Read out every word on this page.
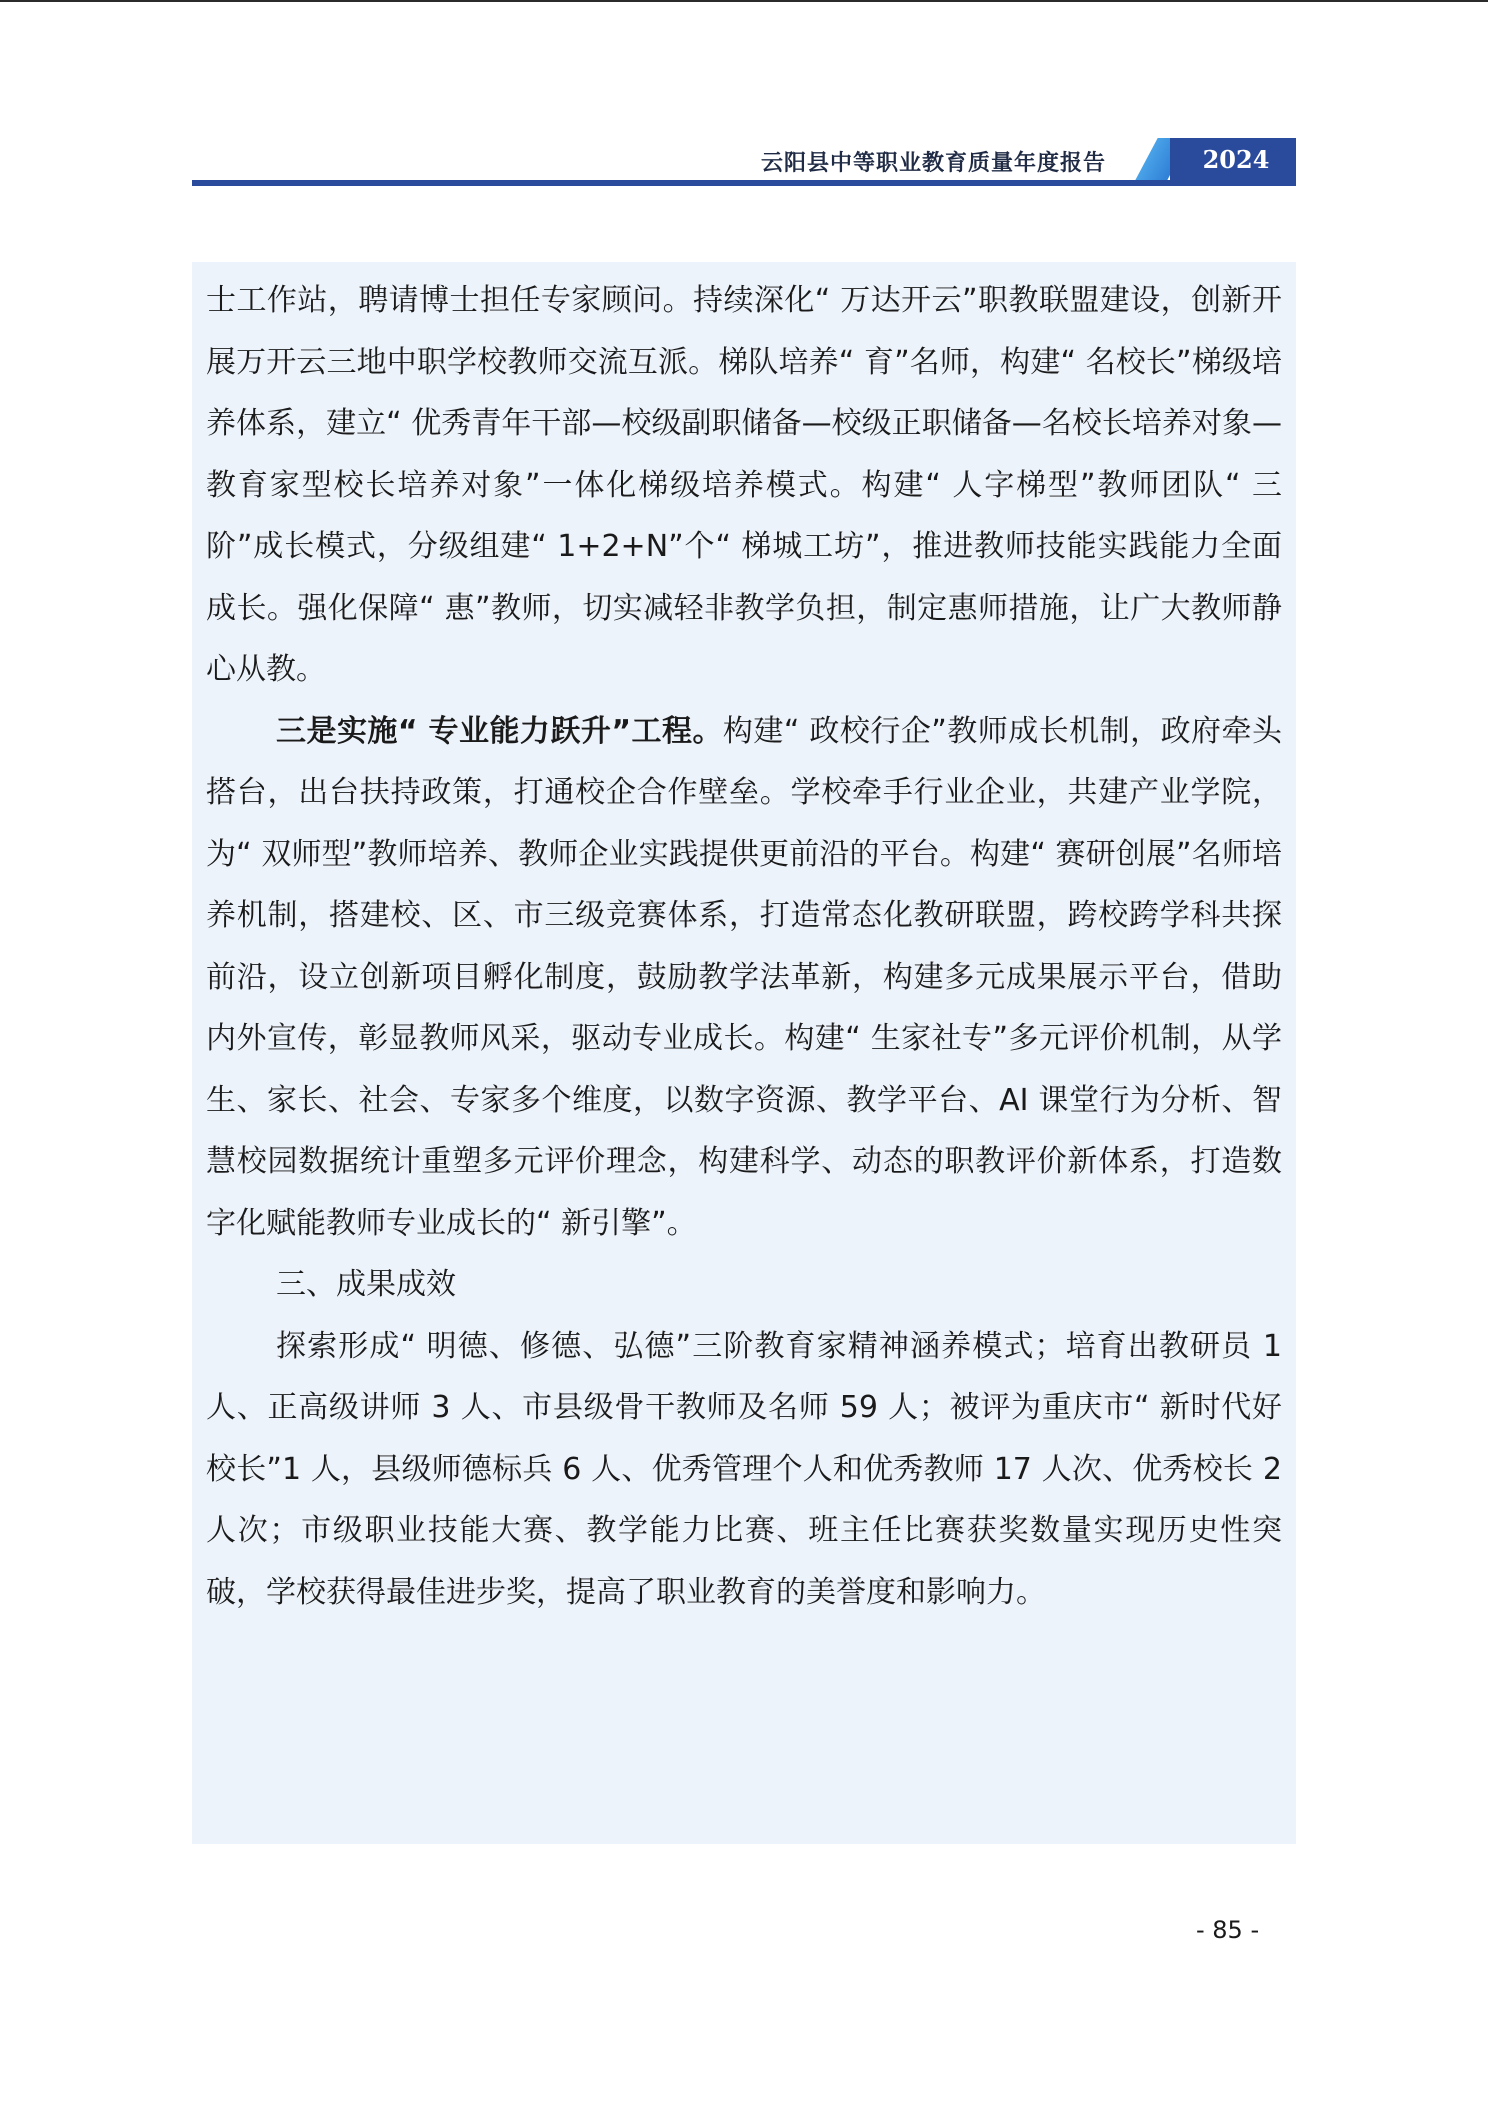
云阳县中等职业教育质量年度报告	2024

士工作站，聘请博士担任专家顾问。持续深化“ 万达开云”职教联盟建设，创新开展万开云三地中职学校教师交流互派。梯队培养“ 育”名师，构建“ 名校长”梯级培养体系，建立“ 优秀青年干部—校级副职储备—校级正职储备—名校长培养对象—教育家型校长培养对象”一体化梯级培养模式。构建“ 人字梯型”教师团队“ 三阶”成长模式，分级组建“ 1+2+N”个“ 梯城工坊”，推进教师技能实践能力全面成长。强化保障“ 惠”教师，切实减轻非教学负担，制定惠师措施，让广大教师静心从教。

三是实施“ 专业能力跃升”工程。构建“ 政校行企”教师成长机制，政府牵头搭台，出台扶持政策，打通校企合作壁垒。学校牵手行业企业，共建产业学院，为“ 双师型”教师培养、教师企业实践提供更前沿的平台。构建“ 赛研创展”名师培养机制，搭建校、区、市三级竞赛体系，打造常态化教研联盟，跨校跨学科共探前沿，设立创新项目孵化制度，鼓励教学法革新，构建多元成果展示平台，借助内外宣传，彰显教师风采，驱动专业成长。构建“ 生家社专”多元评价机制，从学生、家长、社会、专家多个维度，以数字资源、教学平台、AI 课堂行为分析、智慧校园数据统计重塑多元评价理念，构建科学、动态的职教评价新体系，打造数字化赋能教师专业成长的“ 新引擎”。

三、成果成效

探索形成“ 明德、修德、弘德”三阶教育家精神涵养模式；培育出教研员 1 人、正高级讲师 3 人、市县级骨干教师及名师 59 人；被评为重庆市“ 新时代好校长”1 人，县级师德标兵 6 人、优秀管理个人和优秀教师 17 人次、优秀校长 2 人次；市级职业技能大赛、教学能力比赛、班主任比赛获奖数量实现历史性突破，学校获得最佳进步奖，提高了职业教育的美誉度和影响力。

- 85 -
